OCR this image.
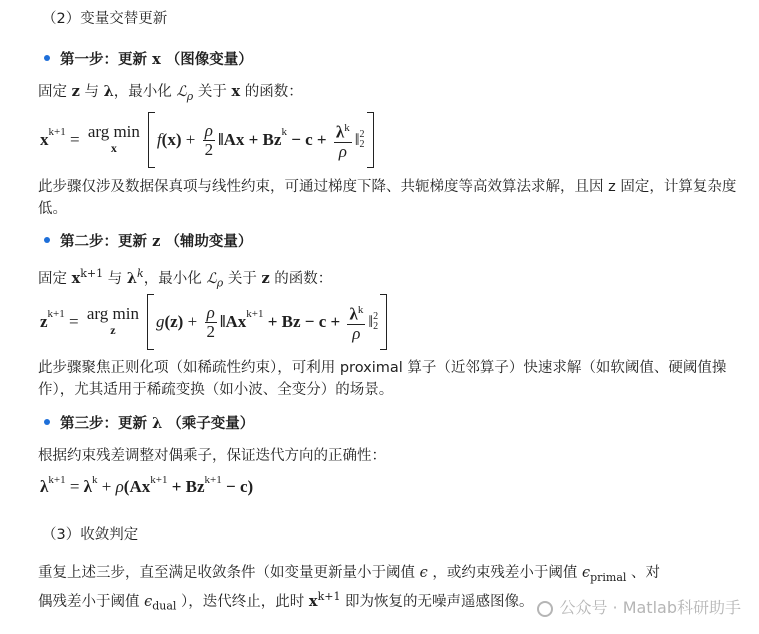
（2）变量交替更新
第一步：更新 x （图像变量）
固定 z 与 λ，最小化 ℒ$_\rho$ 关于 x 的函数：
$x^{k+1}$ = arg min
x f $(x) + \frac{\rho}{2}$ ‖Ax + $Bz^k - c + \frac{\lambda^k}{\rho}$ ‖ 2
2
此步骤仅涉及数据保真项与线性约束，可通过梯度下降、共轭梯度等高效算法求解，且因 z 固定，计算复杂度低。
第二步：更新 z （辅助变量）
固定 $x^{k+1}$ 与 $\lambda^k$，最小化 ℒ$_\rho$ 关于 z 的函数：
$z^{k+1}$ = arg min
z g $(z) + \frac{\rho}{2}$ $‖Ax^{k+1} + Bz - c + \frac{\lambda^k}{\rho}$ ‖ 2
2
此步骤聚焦正则化项（如稀疏性约束），可利用 proximal 算子（近邻算子）快速求解（如软阈值、硬阈值操作），尤其适用于稀疏变换（如小波、全变分）的场景。
第三步：更新 λ （乘子变量）
根据约束残差调整对偶乘子，保证迭代方向的正确性：
$\lambda^{k+1} = \lambda^k + \rho$ $(Ax^{k+1} + Bz^{k+1} - c)$
（3）收敛判定
重复上述三步，直至满足收敛条件（如变量更新量小于阈值 ϵ ，或约束残差小于阈值 $\epsilon_{primal}$ 、对
偶残差小于阈值 $\epsilon_{dual}$ ），迭代终止，此时 $x^{k+1}$ 即为恢复的无噪声遥感图像。	公众号 · Matlab科研助手
